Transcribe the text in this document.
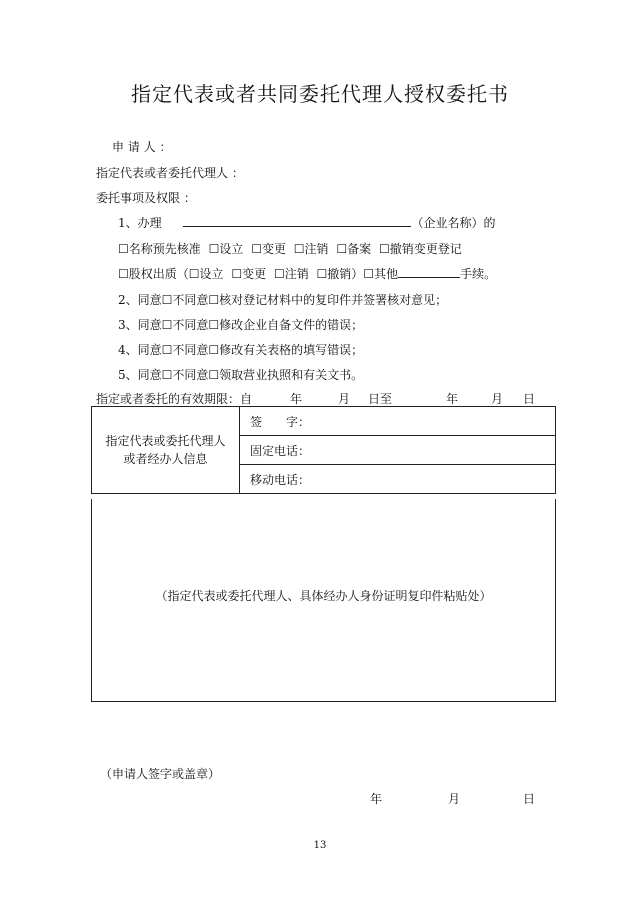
指定代表或者共同委托代理人授权委托书
申 请 人 ：
指定代表或者委托代理人 ：
委托事项及权限 ：
1、办理	（企业名称）的
☐名称预先核准 ☐设立 ☐变更 ☐注销 ☐备案 ☐撤销变更登记
☐股权出质（☐设立 ☐变更 ☐注销 ☐撤销）☐其他	手续。
2、同意☐不同意☐核对登记材料中的复印件并签署核对意见；
3、同意☐不同意☐修改企业自备文件的错误；
4、同意☐不同意☐修改有关表格的填写错误；
5、同意☐不同意☐领取营业执照和有关文书。
指定或者委托的有效期限：自	年	月 日至	年	月 日
指定代表或委托代理人或者经办人信息
	签　　字：
固定电话：
移动电话：
（指定代表或委托代理人、具体经办人身份证明复印件粘贴处）
（申请人签字或盖章）
年	月	日
13
